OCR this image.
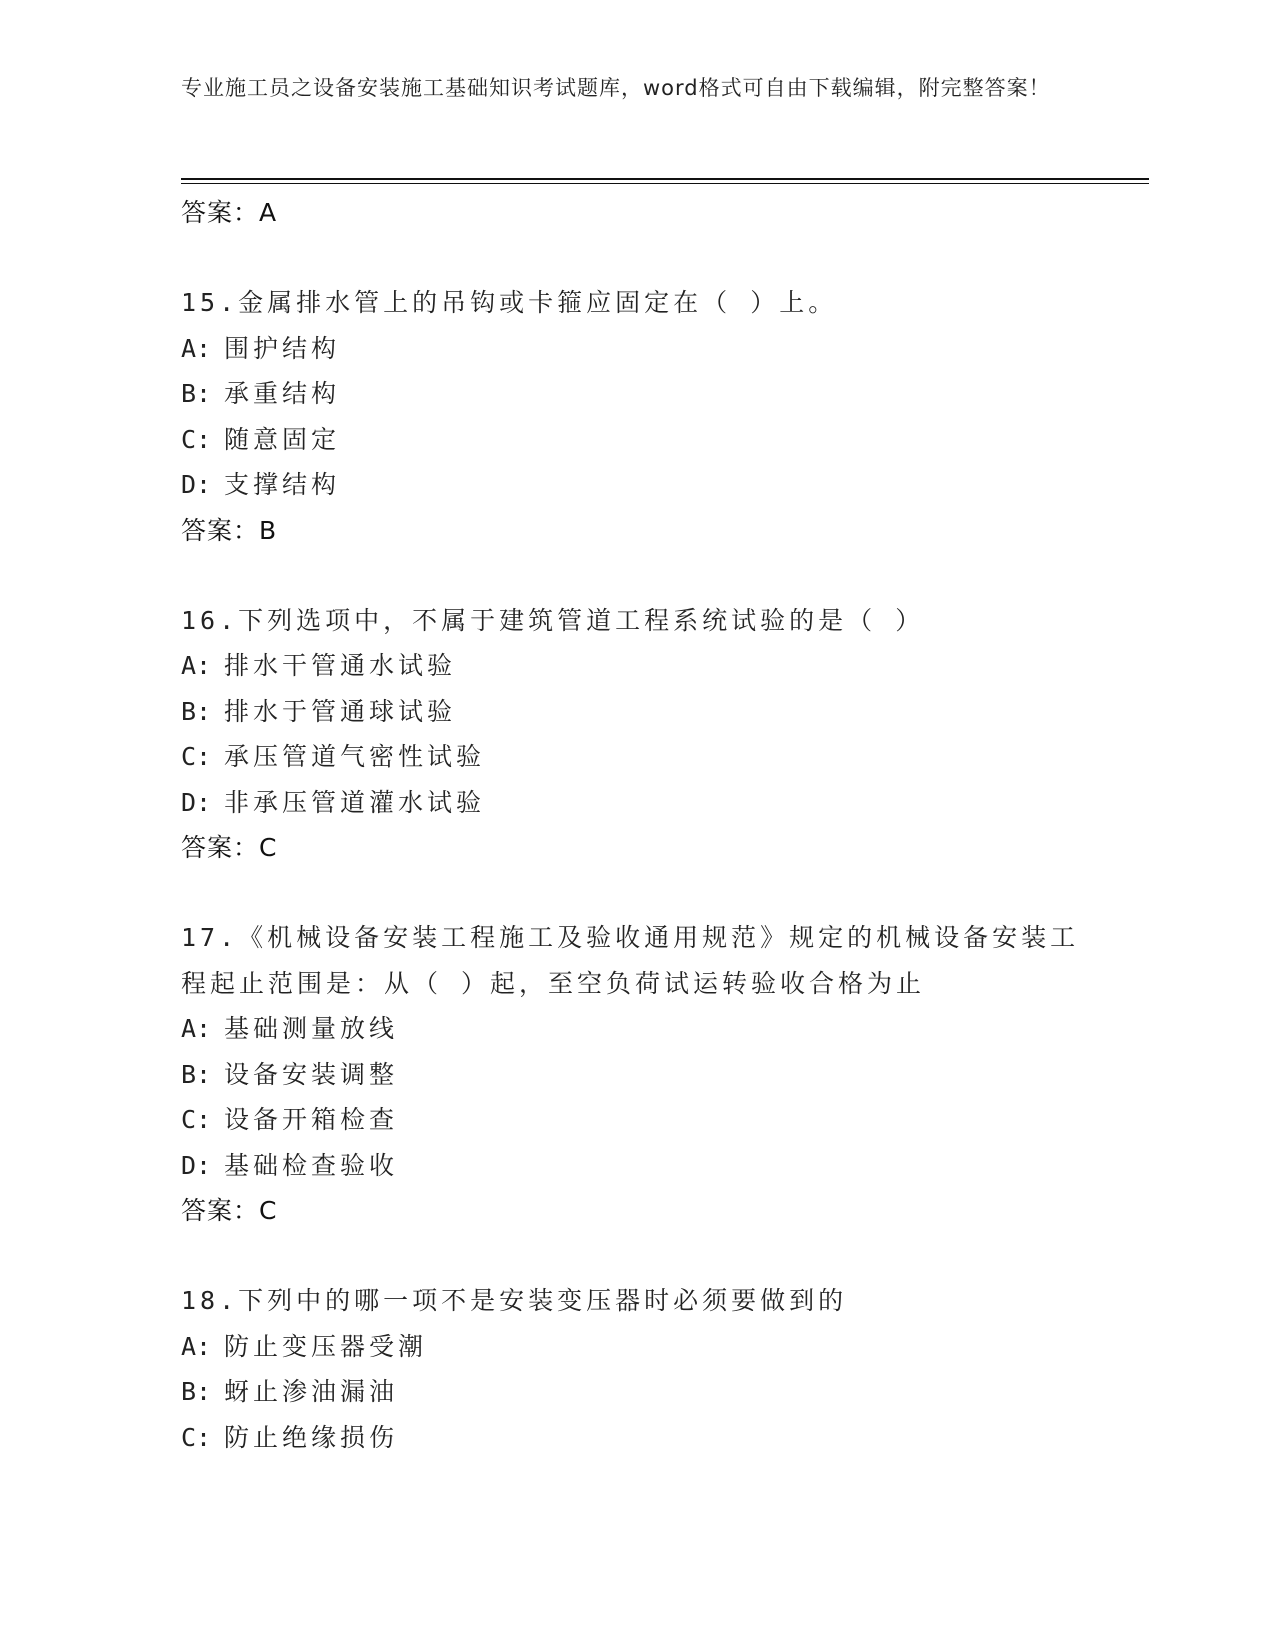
专业施工员之设备安装施工基础知识考试题库，word格式可自由下载编辑，附完整答案！
答案：A
15.金属排水管上的吊钩或卡箍应固定在（ ）上。
A: 围护结构
B: 承重结构
C: 随意固定
D: 支撑结构
答案：B
16.下列选项中，不属于建筑管道工程系统试验的是（ ）
A: 排水干管通水试验
B: 排水于管通球试验
C: 承压管道气密性试验
D: 非承压管道灌水试验
答案：C
17.《机械设备安装工程施工及验收通用规范》规定的机械设备安装工程起止范围是：从（ ）起，至空负荷试运转验收合格为止
A: 基础测量放线
B: 设备安装调整
C: 设备开箱检查
D: 基础检查验收
答案：C
18.下列中的哪一项不是安装变压器时必须要做到的
A: 防止变压器受潮
B: 蚜止渗油漏油
C: 防止绝缘损伤
